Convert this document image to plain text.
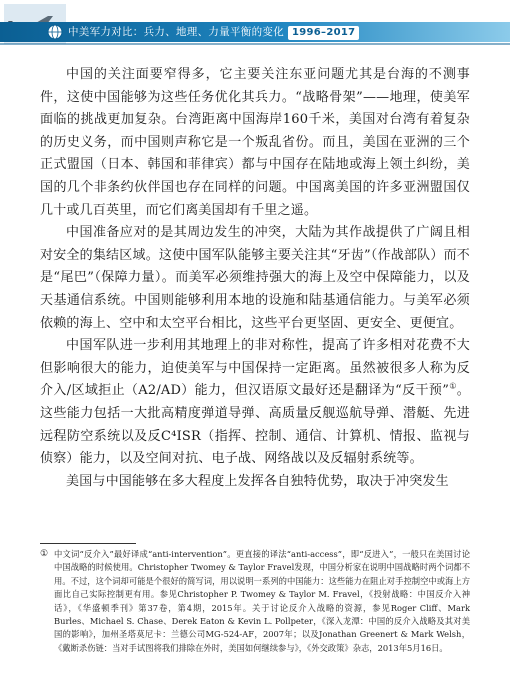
中美军力对比：兵力、地理、力量平衡的变化 1996–2017

中国的关注面要窄得多，它主要关注东亚问题尤其是台海的不测事件，这使中国能够为这些任务优化其兵力。“战略骨架”——地理，使美军面临的挑战更加复杂。台湾距离中国海岸160千米，美国对台湾有着复杂的历史义务，而中国则声称它是一个叛乱省份。而且，美国在亚洲的三个正式盟国（日本、韩国和菲律宾）都与中国存在陆地或海上领土纠纷，美国的几个非条约伙伴国也存在同样的问题。中国离美国的许多亚洲盟国仅几十或几百英里，而它们离美国却有千里之遥。

中国准备应对的是其周边发生的冲突，大陆为其作战提供了广阔且相对安全的集结区域。这使中国军队能够主要关注其“牙齿”（作战部队）而不是“尾巴”（保障力量）。而美军必须维持强大的海上及空中保障能力，以及天基通信系统。中国则能够利用本地的设施和陆基通信能力。与美军必须依赖的海上、空中和太空平台相比，这些平台更坚固、更安全、更便宜。

中国军队进一步利用其地理上的非对称性，提高了许多相对花费不大但影响很大的能力，迫使美军与中国保持一定距离。虽然被很多人称为反介入/区域拒止（A2/AD）能力，但汉语原文最好还是翻译为“反干预”①。这些能力包括一大批高精度弹道导弹、高质量反舰巡航导弹、潜艇、先进远程防空系统以及反C⁴ISR（指挥、控制、通信、计算机、情报、监视与侦察）能力，以及空间对抗、电子战、网络战以及反辐射系统等。

美国与中国能够在多大程度上发挥各自独特优势，取决于冲突发生

① 中文词“反介入”最好译成“anti-intervention”。更直接的译法“anti-access”，即“反进入”，一般只在美国讨论中国战略的时候使用。Christopher Twomey & Taylor Fravel发现，中国分析家在说明中国战略时两个词都不用。不过，这个词却可能是个很好的简写词，用以说明一系列的中国能力：这些能力在阻止对手控制空中或海上方面比自己实际控制更有用。参见Christopher P. Twomey & Taylor M. Fravel，《投射战略：中国反介入神话》，《华盛顿季刊》第37卷，第4期，2015年。关于讨论反介入战略的资源，参见Roger Cliff、Mark Burles、Michael S. Chase、Derek Eaton & Kevin L. Pollpeter，《深入龙潭：中国的反介入战略及其对美国的影响》，加州圣塔莫尼卡：兰德公司MG-524-AF，2007年；以及Jonathan Greenert & Mark Welsh，《戴断杀伤链：当对手试图将我们排除在外时，美国如何继续参与》，《外交政策》杂志，2013年5月16日。
